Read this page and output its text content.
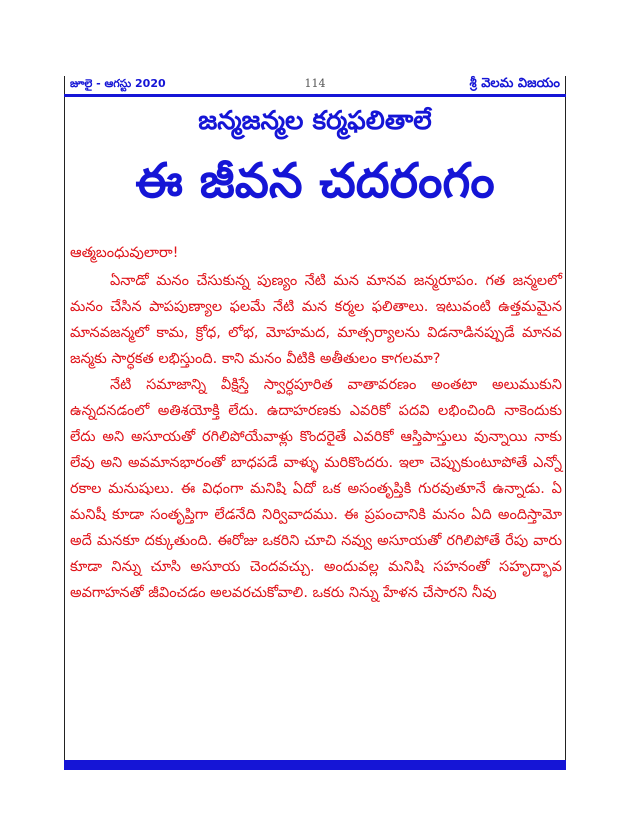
జూలై - ఆగస్టు 2020	114	శ్రీ వెలమ విజయం
జన్మజన్మల కర్మఫలితాలే
ఈ జీవన చదరంగం

ఆత్మబంధువులారా!

ఏనాడో మనం చేసుకున్న పుణ్యం నేటి మన మానవ జన్మరూపం. గత జన్మలలో మనం చేసిన పాపపుణ్యాల ఫలమే నేటి మన కర్మల ఫలితాలు. ఇటువంటి ఉత్తమమైన మానవజన్మలో కామ, క్రోధ, లోభ, మోహమద, మాత్సర్యాలను విడనాడినప్పుడే మానవ జన్మకు సార్ధకత లభిస్తుంది. కాని మనం వీటికి అతీతులం కాగలమా?

నేటి సమాజాన్ని వీక్షిస్తే స్వార్ధపూరిత వాతావరణం అంతటా అలుముకుని ఉన్నదనడంలో అతిశయోక్తి లేదు. ఉదాహరణకు ఎవరికో పదవి లభించింది నాకెందుకు లేదు అని అసూయతో రగిలిపోయేవాళ్లు కొందరైతే ఎవరికో ఆస్తిపాస్తులు వున్నాయి నాకు లేవు అని అవమానభారంతో బాధపడే వాళ్ళు మరికొందరు. ఇలా చెప్పుకుంటూపోతే ఎన్నో రకాల మనుషులు. ఈ విధంగా మనిషి ఏదో ఒక అసంతృప్తికి గురవుతూనే ఉన్నాడు. ఏ మనిషీ కూడా సంతృప్తిగా లేడనేది నిర్వివాదము. ఈ ప్రపంచానికి మనం ఏది అందిస్తామో అదే మనకూ దక్కుతుంది. ఈరోజు ఒకరిని చూచి నవ్వు అసూయతో రగిలిపోతే రేపు వారు కూడా నిన్ను చూసి అసూయ చెందవచ్చు. అందువల్ల మనిషి సహనంతో సహృద్భావ అవగాహనతో జీవించడం అలవరచుకోవాలి. ఒకరు నిన్ను హేళన చేసారని నీవు
